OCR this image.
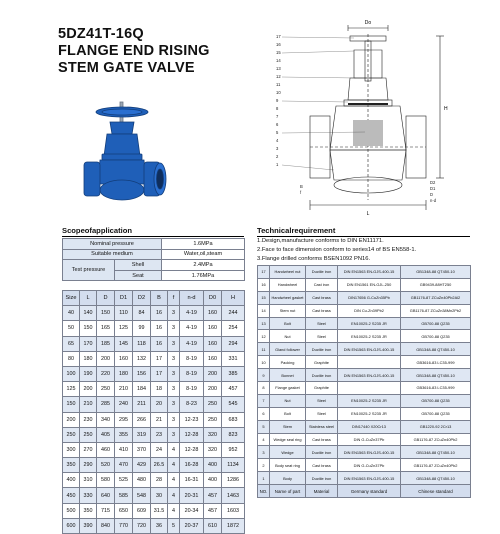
5DZ41T-16Q
FLANGE END RISING
STEM GATE VALVE
Do
H
L
17
16
15
14
13
12
11
10
9
8
7
6
5
4
3
2
1
D
D1
D2
B
f
n-d
Scopeofapplication	Technicalrequirement
Nominal pressure		1.6MPa
Suitable medium		Water,oil,steam
Test pressure	Shell	2.4MPa
	Seat	1.76MPa
Size	L	D	D1	D2	B	f	n-d	D0	H
40	140	150	110	84	16	3	4-19	160	244
50	150	165	125	99	16	3	4-19	160	254
65	170	185	145	118	16	3	4-19	160	294
80	180	200	160	132	17	3	8-19	160	331
100	190	220	180	156	17	3	8-19	200	385
125	200	250	210	184	18	3	8-19	200	457
150	210	285	240	211	20	3	8-23	250	545
200	230	340	295	266	21	3	12-23	250	683
250	250	405	355	319	23	3	12-28	320	823
300	270	460	410	370	24	4	12-28	320	952
350	290	520	470	429	26.5	4	16-28	400	1134
400	310	580	525	480	28	4	16-31	400	1286
450	330	640	585	548	30	4	20-31	457	1463
500	350	715	650	609	31.5	4	20-34	457	1603
600	390	840	770	720	36	5	20-37	610	1872
1.Design,manufacture conforms to DIN EN11171.
2.Face to face dimension conform to series14 of BS EN558-1.
3.Flange drilled conforms BSEN1092 PN16.
17	Handwheel nut	Ductile iron	DIN EN1563 EN-GJS-400-15	GB1348-88 QT450-10
16	Handwheel	Cast iron	DIN EN1561 EN-GJL-250	GB9439-88HT250
15	Handwheel gasket	Cast brass	DIN17656 G-CuZn35Pb	GB1176-87 ZCuZn40Pb2Al2
14	Stem nut	Cast brass	DIN Cu-Zn39Pb2	GB1176-87 ZCuZn38Mn2Pb2
13	Bolt	Steel	EN10025-2 S235 JR	GB700-88 Q235
12	Nut	Steel	EN10025-2 S235 JR	GB700-88 Q235
11	Gland follower	Ductile iron	DIN EN1563 EN-GJS-400-15	GB1348-88 QT450-10
10	Packing	Graphite		GB3616-83 LC35-999
9	Bonnet	Ductile iron	DIN EN1563 EN-GJS-400-15	GB1348-88 QT450-10
8	Flange gasket	Graphite		GB3616-83 LC35-999
7	Nut	Steel	EN10025-2 S235 JR	GB700-88 Q235
6	Bolt	Steel	EN10025-2 S235 JR	GB700-88 Q235
5	Stem	Stainless steel	DIN17440 X20Cr13	GB1220-92 2Cr13
4	Wedge seal ring	Cast brass	DIN G-CuZn37Pb	GB1176-87 ZCuZn40Pb2
3	Wedge	Ductile iron	DIN EN1563 EN-GJS-400-15	GB1348-88 QT450-10
2	Body seat ring	Cast brass	DIN G-CuZn37Pb	GB1176-87 ZCuZn40Pb2
1	Body	Ductile iron	DIN EN1563 EN-GJS-400-15	GB1348-88 QT450-10
NO.	Name of part	Material	Germany standard	Chinese standard
